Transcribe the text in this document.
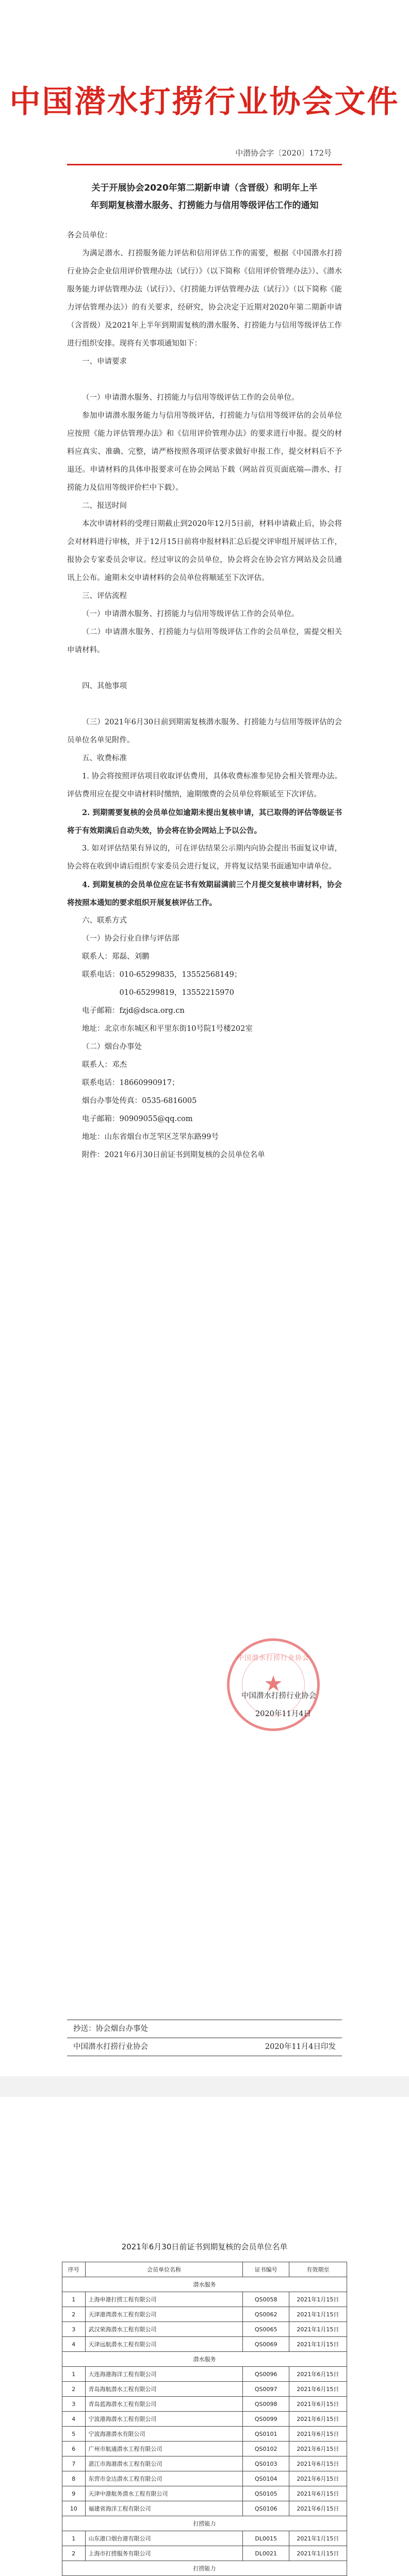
中国潜水打捞行业协会文件
中潜协会字〔2020〕172号
关于开展协会2020年第二期新申请（含晋级）和明年上半年到期复核潜水服务、打捞能力与信用等级评估工作的通知

各会员单位：

为满足潜水、打捞服务能力评估和信用评估工作的需要，根据《中国潜水打捞行业协会企业信用评价管理办法（试行）》（以下简称《信用评价管理办法》）、《潜水服务能力评估管理办法（试行）》、《打捞能力评估管理办法（试行）》（以下简称《能力评估管理办法》）的有关要求，经研究，协会决定于近期对2020年第二期新申请（含晋级）及2021年上半年到期需复核的潜水服务、打捞能力与信用等级评估工作进行组织安排。现将有关事项通知如下：

一、申请要求

（一）申请潜水服务、打捞能力与信用等级评估工作的会员单位。

参加申请潜水服务能力与信用等级评估，打捞能力与信用等级评估的会员单位应按照《能力评估管理办法》和《信用评价管理办法》的要求进行申报。提交的材料应真实、准确、完整，请严格按照各项评估要求做好申报工作，提交材料后不予退还。申请材料的具体申报要求可在协会网站下载（网站首页页面底端—潜水、打捞能力及信用等级评价栏中下载）。

二、报送时间

本次申请材料的受理日期截止到2020年12月5日前，材料申请截止后，协会将会对材料进行审核，并于12月15日前将申报材料汇总后提交评审组开展评估工作，报协会专家委员会审议。经过审议的会员单位，协会将会在协会官方网站及会员通讯上公布。逾期未交申请材料的会员单位将顺延至下次评估。

三、评估流程

（一）申请潜水服务、打捞能力与信用等级评估工作的会员单位。

（二）申请潜水服务、打捞能力与信用等级评估工作的会员单位，需提交相关申请材料。

四、其他事项

（三）2021年6月30日前到期需复核潜水服务、打捞能力与信用等级评估的会员单位名单见附件。

五、收费标准

1. 协会将按照评估项目收取评估费用，具体收费标准参见协会相关管理办法。评估费用应在提交申请材料时缴纳，逾期缴费的会员单位将顺延至下次评估。

2. 到期需要复核的会员单位如逾期未提出复核申请，其已取得的评估等级证书将于有效期满后自动失效，协会将在协会网站上予以公告。

3. 如对评估结果有异议的，可在评估结果公示期内向协会提出书面复议申请，协会将在收到申请后组织专家委员会进行复议，并将复议结果书面通知申请单位。

4. 到期复核的会员单位应在证书有效期届满前三个月提交复核申请材料，协会将按照本通知的要求组织开展复核评估工作。

六、联系方式

（一）协会行业自律与评估部

联系人：郑磊、刘鹏

联系电话：010-65299835，13552568149；

010-65299819，13552215970

电子邮箱：fzjd@dsca.org.cn

地址：北京市东城区和平里东街10号院1号楼202室

（二）烟台办事处

联系人：邓杰

联系电话：18660990917；

烟台办事处传真：0535-6816005

电子邮箱：90909055@qq.com

地址：山东省烟台市芝罘区芝罘东路99号

附件：2021年6月30日前证书到期复核的会员单位名单

中国潜水打捞行业协会
★
中国潜水打捞行业协会
2020年11月4日
抄送：协会烟台办事处
中国潜水打捞行业协会	2020年11月4日印发
2021年6月30日前证书到期复核的会员单位名单
序号	会员单位名称	证书编号	有效期至
潜水服务			
1	上海申港打捞工程有限公司	QS0058	2021年1月15日
2	天津港湾潜水工程有限公司	QS0062	2021年1月15日
3	武汉荣海潜水工程有限公司	QS0065	2021年1月15日
4	天津远航潜水工程有限公司	QS0069	2021年1月15日
潜水服务			
1	大连海港海洋工程有限公司	QS0096	2021年6月15日
2	青岛海航潜水工程有限公司	QS0097	2021年6月15日
3	青岛蓝海潜水工程有限公司	QS0098	2021年6月15日
4	宁波港海潜水工程有限公司	QS0099	2021年6月15日
5	宁波海港潜水有限公司	QS0101	2021年6月15日
6	广州市航通潜水工程有限公司	QS0102	2021年6月15日
7	湛江市海港潜水工程有限公司	QS0103	2021年6月15日
8	东营市金达潜水工程有限公司	QS0104	2021年6月15日
9	天津中港航务潜水工程有限公司	QS0105	2021年6月15日
10	福建省海洋工程有限公司	QS0106	2021年6月15日
打捞能力			
1	山东港口烟台港有限公司	DL0015	2021年1月15日
2	上海市打捞服务有限公司	DL0021	2021年1月15日
打捞能力			
